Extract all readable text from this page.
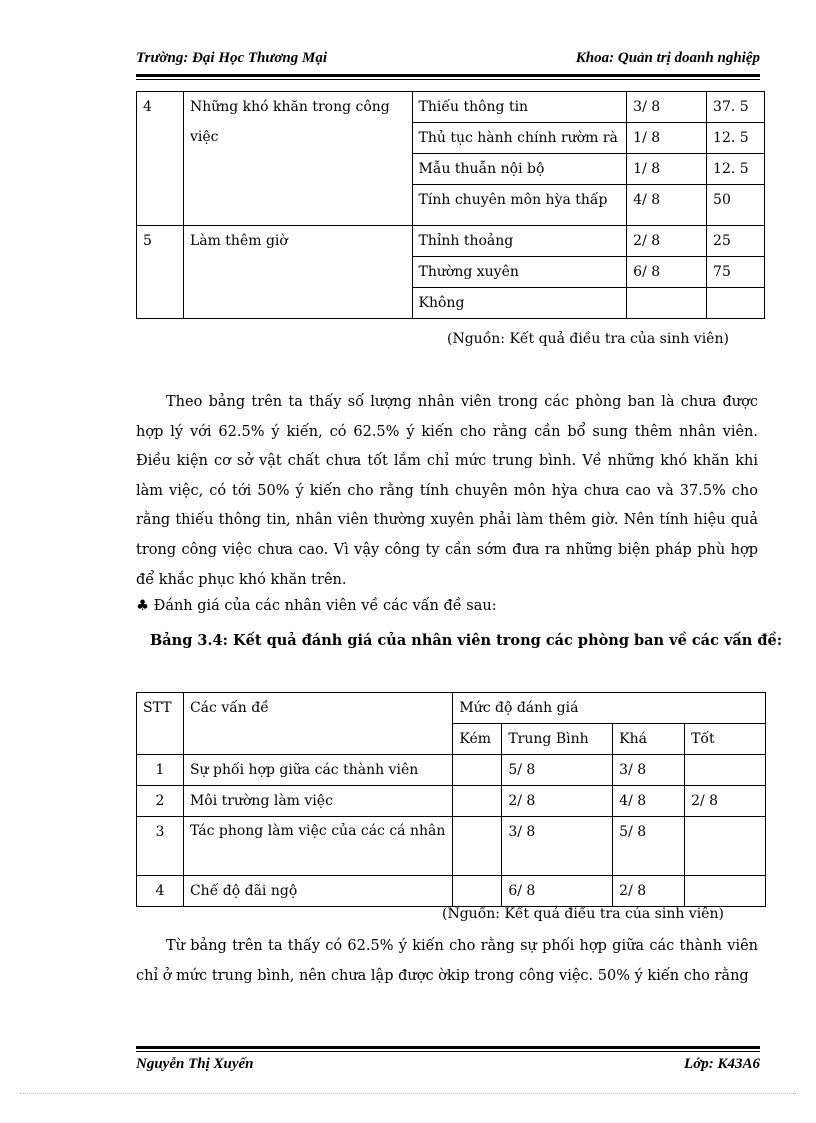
Trường: Đại Học Thương Mại	Khoa: Quản trị doanh nghiệp
4	Những khó khăn trong công việc	Thiếu thông tin	3/ 8	37. 5
		Thủ tục hành chính rườm rà	1/ 8	12. 5
		Mẫu thuẫn nội bộ	1/ 8	12. 5
		Tính chuyên môn hỳa thấp	4/ 8	50
5	Làm thêm giờ	Thỉnh thoảng	2/ 8	25
		Thường xuyên	6/ 8	75
		Không		
(Nguồn: Kết quả điều tra của sinh viên)
Theo bảng trên ta thấy số lượng nhân viên trong các phòng ban là chưa được hợp lý với 62.5% ý kiến, có 62.5% ý kiến cho rằng cần bổ sung thêm nhân viên. Điều kiện cơ sở vật chất chưa tốt lắm chỉ mức trung bình. Về những khó khăn khi làm việc, có tới 50% ý kiến cho rằng tính chuyên môn hỳa chưa cao và 37.5% cho rằng thiếu thông tin, nhân viên thường xuyên phải làm thêm giờ. Nên tính hiệu quả trong công việc chưa cao. Vì vậy công ty cần sớm đưa ra những biện pháp phù hợp để khắc phục khó khăn trên.
♣ Đánh giá của các nhân viên về các vấn đề sau:
Bảng 3.4: Kết quả đánh giá của nhân viên trong các phòng ban về các vấn đề:
STT	Các vấn đề	Mức độ đánh giá			
		Kém	Trung Bình	Khá	Tốt
1	Sự phối hợp giữa các thành viên		5/ 8	3/ 8	
2	Môi trường làm việc		2/ 8	4/ 8	2/ 8
3	Tác phong làm việc của các cá nhân		3/ 8	5/ 8	
4	Chế độ đãi ngộ		6/ 8	2/ 8	
(Nguồn: Kết quả điều tra của sinh viên)
Từ bảng trên ta thấy có 62.5% ý kiến cho rằng sự phối hợp giữa các thành viên chỉ ở mức trung bình, nên chưa lập được ờkip trong công việc. 50% ý kiến cho rằng
Nguyễn Thị Xuyến	Lớp: K43A6
